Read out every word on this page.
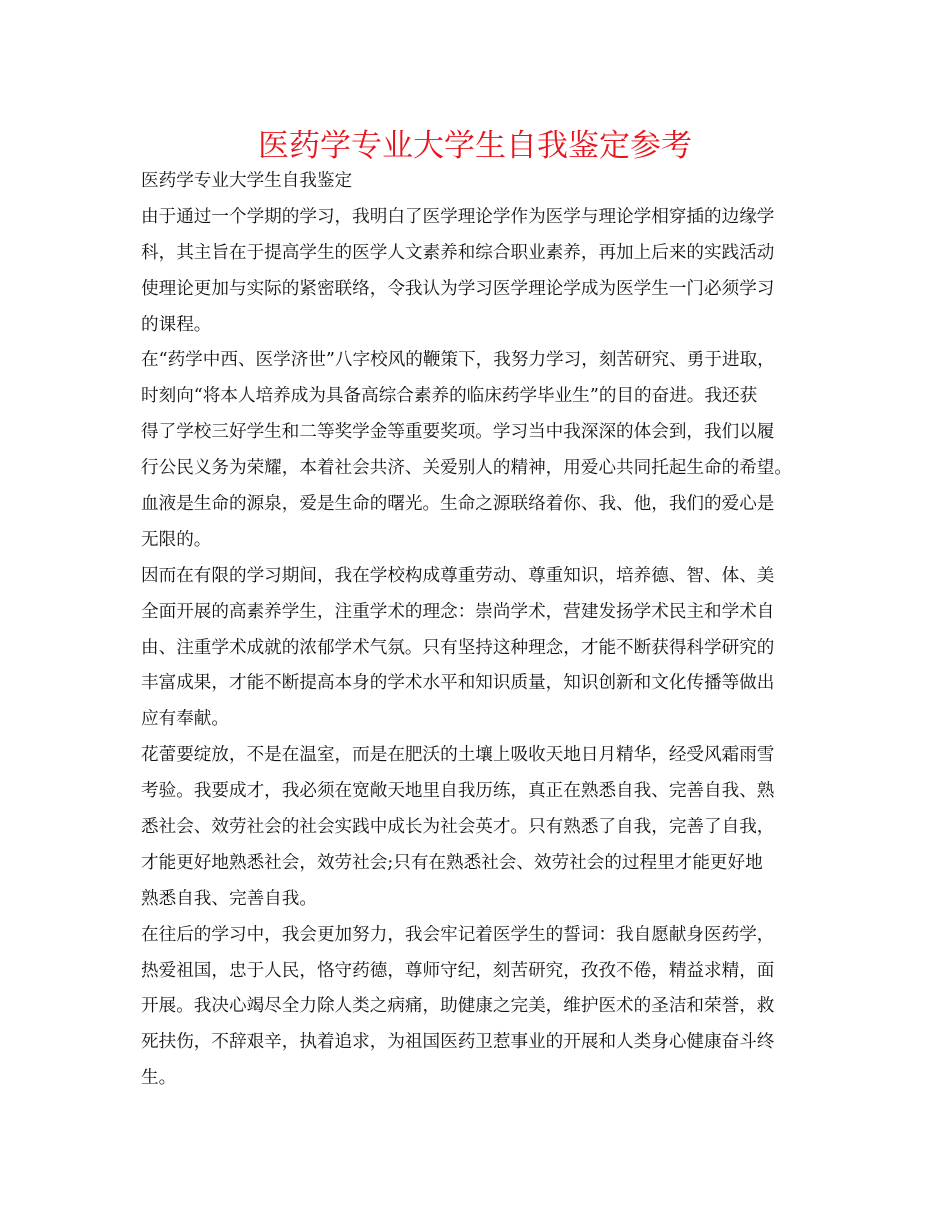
医药学专业大学生自我鉴定参考
医药学专业大学生自我鉴定
由于通过一个学期的学习，我明白了医学理论学作为医学与理论学相穿插的边缘学
科，其主旨在于提高学生的医学人文素养和综合职业素养，再加上后来的实践活动
使理论更加与实际的紧密联络，令我认为学习医学理论学成为医学生一门必须学习
的课程。
在“药学中西、医学济世”八字校风的鞭策下，我努力学习，刻苦研究、勇于进取，
时刻向“将本人培养成为具备高综合素养的临床药学毕业生”的目的奋进。我还获
得了学校三好学生和二等奖学金等重要奖项。学习当中我深深的体会到，我们以履
行公民义务为荣耀，本着社会共济、关爱别人的精神，用爱心共同托起生命的希望。
血液是生命的源泉，爱是生命的曙光。生命之源联络着你、我、他，我们的爱心是
无限的。
因而在有限的学习期间，我在学校构成尊重劳动、尊重知识，培养德、智、体、美
全面开展的高素养学生，注重学术的理念：崇尚学术，营建发扬学术民主和学术自
由、注重学术成就的浓郁学术气氛。只有坚持这种理念，才能不断获得科学研究的
丰富成果，才能不断提高本身的学术水平和知识质量，知识创新和文化传播等做出
应有奉献。
花蕾要绽放，不是在温室，而是在肥沃的土壤上吸收天地日月精华，经受风霜雨雪
考验。我要成才，我必须在宽敞天地里自我历练，真正在熟悉自我、完善自我、熟
悉社会、效劳社会的社会实践中成长为社会英才。只有熟悉了自我，完善了自我，
才能更好地熟悉社会，效劳社会;只有在熟悉社会、效劳社会的过程里才能更好地
熟悉自我、完善自我。
在往后的学习中，我会更加努力，我会牢记着医学生的誓词：我自愿献身医药学，
热爱祖国，忠于人民，恪守药德，尊师守纪，刻苦研究，孜孜不倦，精益求精，面
开展。我决心竭尽全力除人类之病痛，助健康之完美，维护医术的圣洁和荣誉，救
死扶伤，不辞艰辛，执着追求，为祖国医药卫惹事业的开展和人类身心健康奋斗终
生。
